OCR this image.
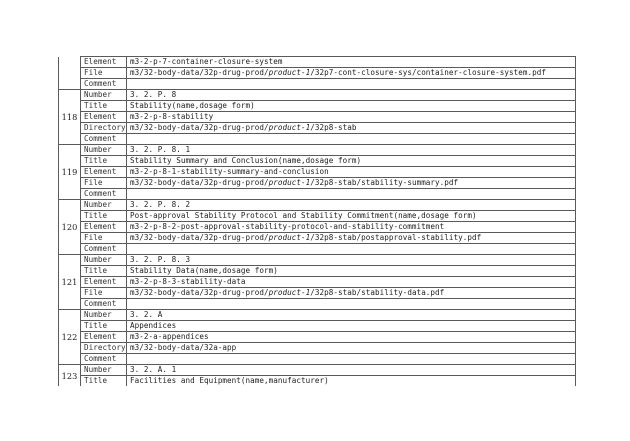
	Element	m3-2-p-7-container-closure-system
	File	m3/32-body-data/32p-drug-prod/product-1/32p7-cont-closure-sys/container-closure-system.pdf
	Comment	
118	Number	3. 2. P. 8
	Title	Stability(name,dosage form)
	Element	m3-2-p-8-stability
	Directory	m3/32-body-data/32p-drug-prod/product-1/32p8-stab
	Comment	
119	Number	3. 2. P. 8. 1
	Title	Stability Summary and Conclusion(name,dosage form)
	Element	m3-2-p-8-1-stability-summary-and-conclusion
	File	m3/32-body-data/32p-drug-prod/product-1/32p8-stab/stability-summary.pdf
	Comment	
120	Number	3. 2. P. 8. 2
	Title	Post-approval Stability Protocol and Stability Commitment(name,dosage form)
	Element	m3-2-p-8-2-post-approval-stability-protocol-and-stability-commitment
	File	m3/32-body-data/32p-drug-prod/product-1/32p8-stab/postapproval-stability.pdf
	Comment	
121	Number	3. 2. P. 8. 3
	Title	Stability Data(name,dosage form)
	Element	m3-2-p-8-3-stability-data
	File	m3/32-body-data/32p-drug-prod/product-1/32p8-stab/stability-data.pdf
	Comment	
122	Number	3. 2. A
	Title	Appendices
	Element	m3-2-a-appendices
	Directory	m3/32-body-data/32a-app
	Comment	
123	Number	3. 2. A. 1
	Title	Facilities and Equipment(name,manufacturer)
